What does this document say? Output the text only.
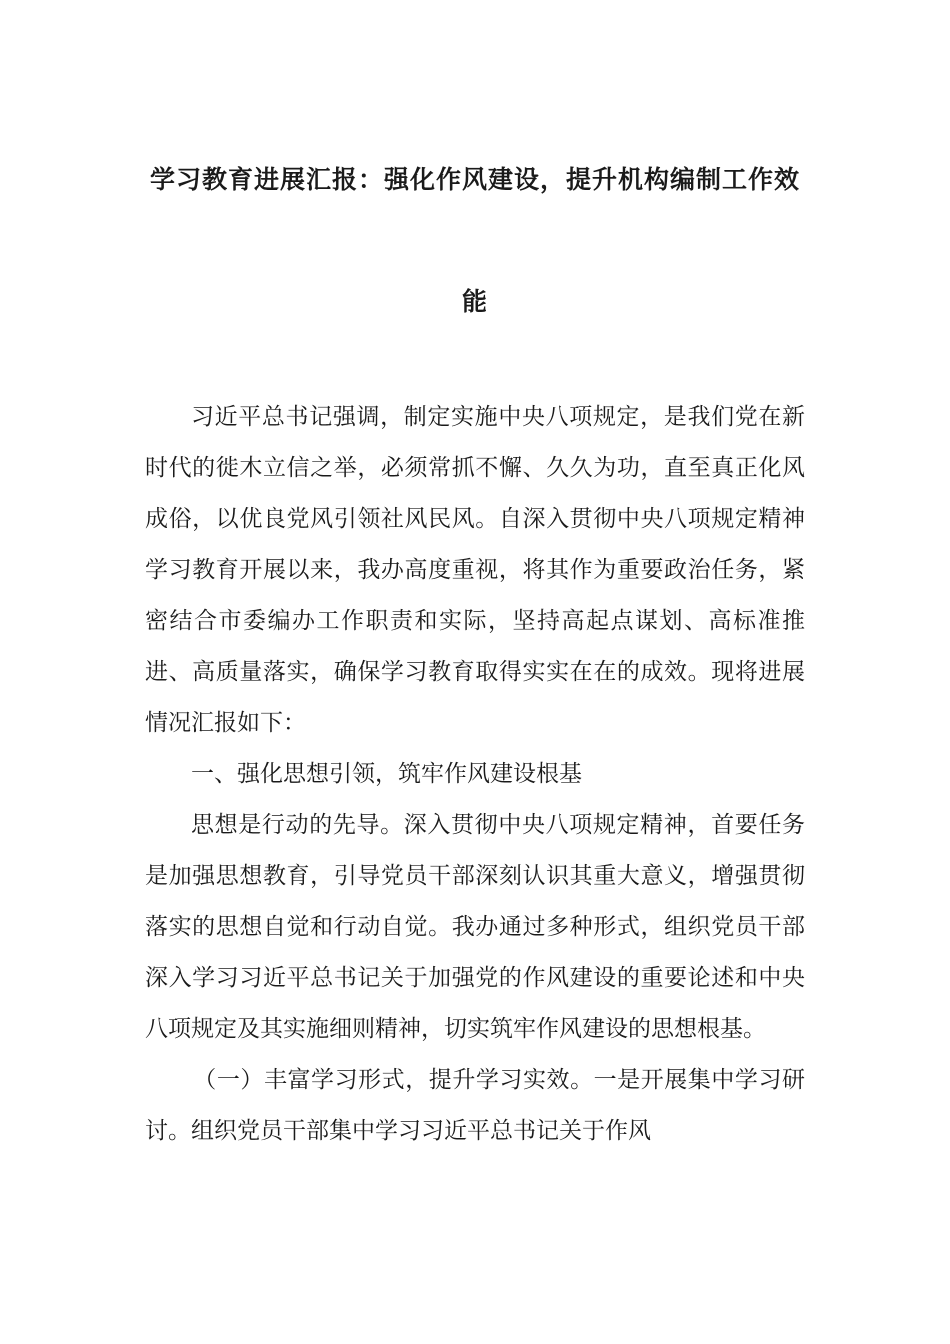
学习教育进展汇报：强化作风建设，提升机构编制工作效
能

习近平总书记强调，制定实施中央八项规定，是我们党在新时代的徙木立信之举，必须常抓不懈、久久为功，直至真正化风成俗，以优良党风引领社风民风。自深入贯彻中央八项规定精神学习教育开展以来，我办高度重视，将其作为重要政治任务，紧密结合市委编办工作职责和实际，坚持高起点谋划、高标准推进、高质量落实，确保学习教育取得实实在在的成效。现将进展情况汇报如下：

一、强化思想引领，筑牢作风建设根基

思想是行动的先导。深入贯彻中央八项规定精神，首要任务是加强思想教育，引导党员干部深刻认识其重大意义，增强贯彻落实的思想自觉和行动自觉。我办通过多种形式，组织党员干部深入学习习近平总书记关于加强党的作风建设的重要论述和中央八项规定及其实施细则精神，切实筑牢作风建设的思想根基。

（一）丰富学习形式，提升学习实效。一是开展集中学习研讨。组织党员干部集中学习习近平总书记关于作风
